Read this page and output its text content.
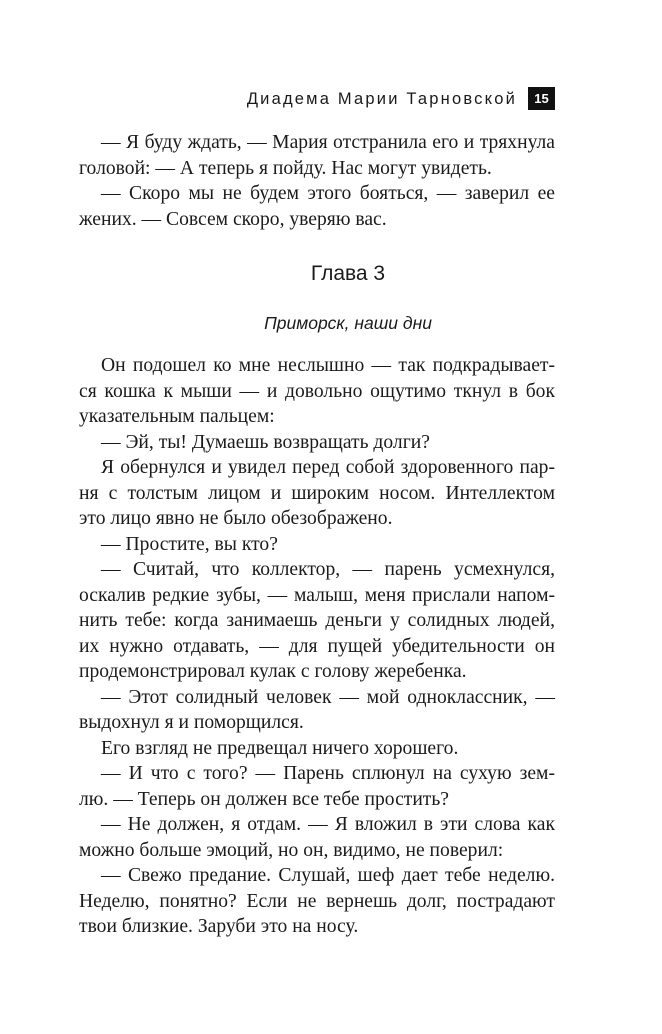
Диадема Марии Тарновской	15
— Я буду ждать, — Мария отстранила его и тряхнула
головой: — А теперь я пойду. Нас могут увидеть.
— Скоро мы не будем этого бояться, — заверил ее
жених. — Совсем скоро, уверяю вас.
Глава 3
Приморск, наши дни
Он подошел ко мне неслышно — так подкрадывает-
ся кошка к мыши — и довольно ощутимо ткнул в бок
указательным пальцем:
— Эй, ты! Думаешь возвращать долги?
Я обернулся и увидел перед собой здоровенного пар-
ня с толстым лицом и широким носом. Интеллектом
это лицо явно не было обезображено.
— Простите, вы кто?
— Считай, что коллектор, — парень усмехнулся,
оскалив редкие зубы, — малыш, меня прислали напом-
нить тебе: когда занимаешь деньги у солидных людей,
их нужно отдавать, — для пущей убедительности он
продемонстрировал кулак с голову жеребенка.
— Этот солидный человек — мой одноклассник, —
выдохнул я и поморщился.
Его взгляд не предвещал ничего хорошего.
— И что с того? — Парень сплюнул на сухую зем-
лю. — Теперь он должен все тебе простить?
— Не должен, я отдам. — Я вложил в эти слова как
можно больше эмоций, но он, видимо, не поверил:
— Свежо предание. Слушай, шеф дает тебе неделю.
Неделю, понятно? Если не вернешь долг, пострадают
твои близкие. Заруби это на носу.
